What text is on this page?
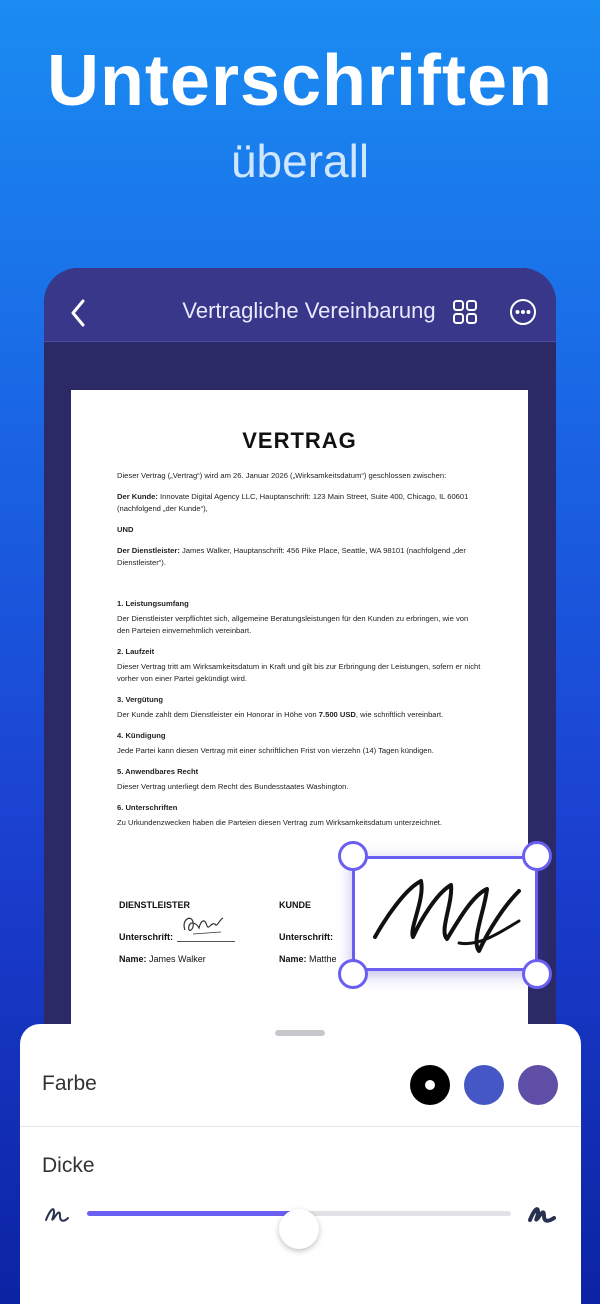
Unterschriften
überall
Vertragliche Vereinbarung
VERTRAG

Dieser Vertrag („Vertrag“) wird am 26. Januar 2026 („Wirksamkeitsdatum“) geschlossen zwischen:

Der Kunde: Innovate Digital Agency LLC, Hauptanschrift: 123 Main Street, Suite 400, Chicago, IL 60601 (nachfolgend „der Kunde“),

UND

Der Dienstleister: James Walker, Hauptanschrift: 456 Pike Place, Seattle, WA 98101 (nachfolgend „der Dienstleister“).

1. Leistungsumfang

Der Dienstleister verpflichtet sich, allgemeine Beratungsleistungen für den Kunden zu erbringen, wie von den Parteien einvernehmlich vereinbart.

2. Laufzeit

Dieser Vertrag tritt am Wirksamkeitsdatum in Kraft und gilt bis zur Erbringung der Leistungen, sofern er nicht vorher von einer Partei gekündigt wird.

3. Vergütung

Der Kunde zahlt dem Dienstleister ein Honorar in Höhe von 7.500 USD, wie schriftlich vereinbart.

4. Kündigung

Jede Partei kann diesen Vertrag mit einer schriftlichen Frist von vierzehn (14) Tagen kündigen.

5. Anwendbares Recht

Dieser Vertrag unterliegt dem Recht des Bundesstaates Washington.

6. Unterschriften

Zu Urkundenzwecken haben die Parteien diesen Vertrag zum Wirksamkeitsdatum unterzeichnet.

DIENSTLEISTER
Unterschrift:
Name: James Walker
KUNDE
Unterschrift:
Name: Matthe
Farbe
Dicke
